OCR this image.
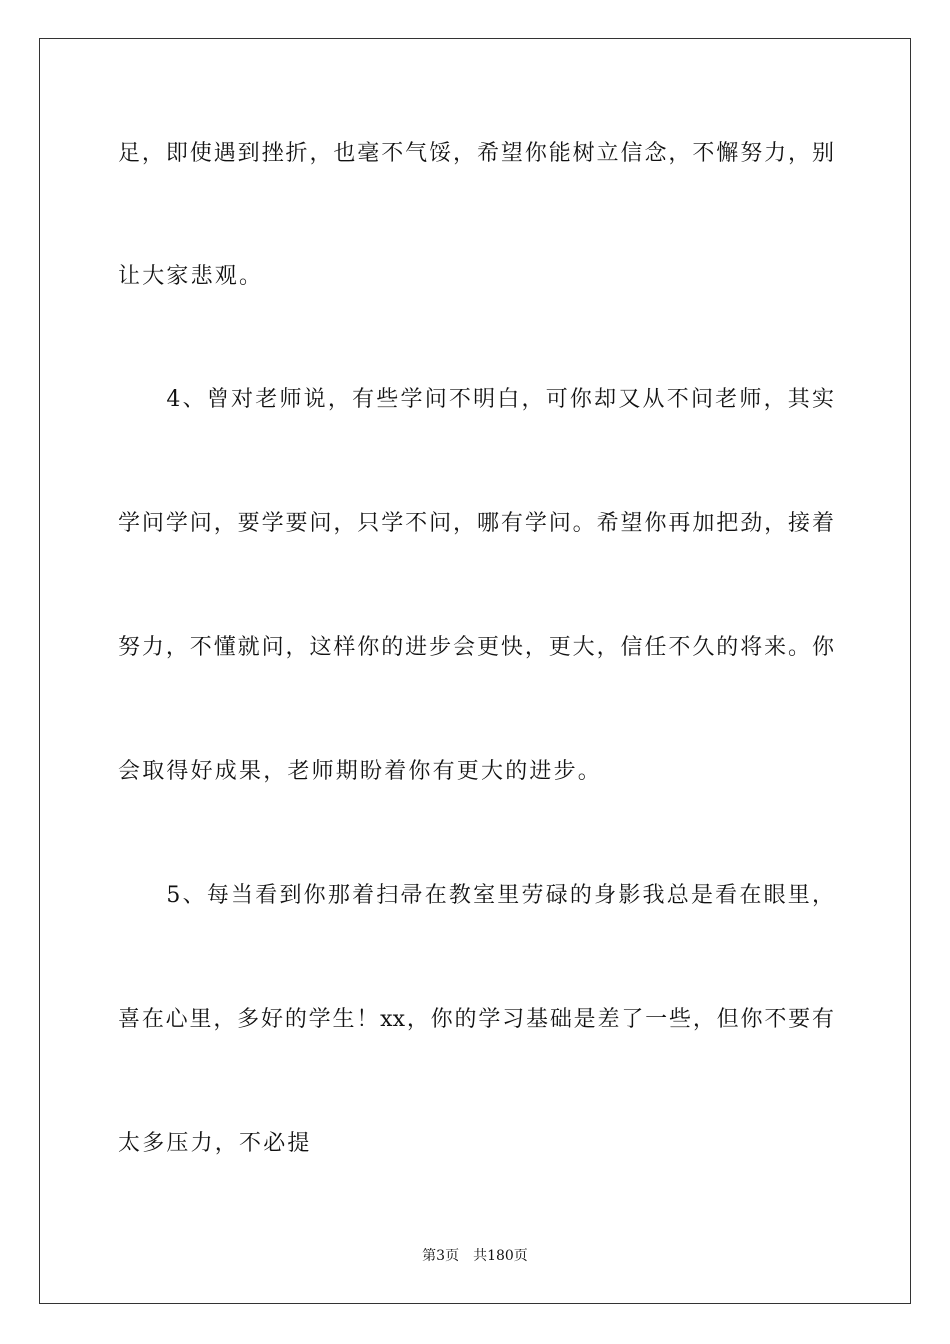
足，即使遇到挫折，也毫不气馁，希望你能树立信念，不懈努力，别
让大家悲观。
　　4、曾对老师说，有些学问不明白，可你却又从不问老师，其实
学问学问，要学要问，只学不问，哪有学问。希望你再加把劲，接着
努力，不懂就问，这样你的进步会更快，更大，信任不久的将来。你
会取得好成果，老师期盼着你有更大的进步。
　　5、每当看到你那着扫帚在教室里劳碌的身影我总是看在眼里，
喜在心里，多好的学生！xx，你的学习基础是差了一些，但你不要有
太多压力，不必提
第3页　共180页
